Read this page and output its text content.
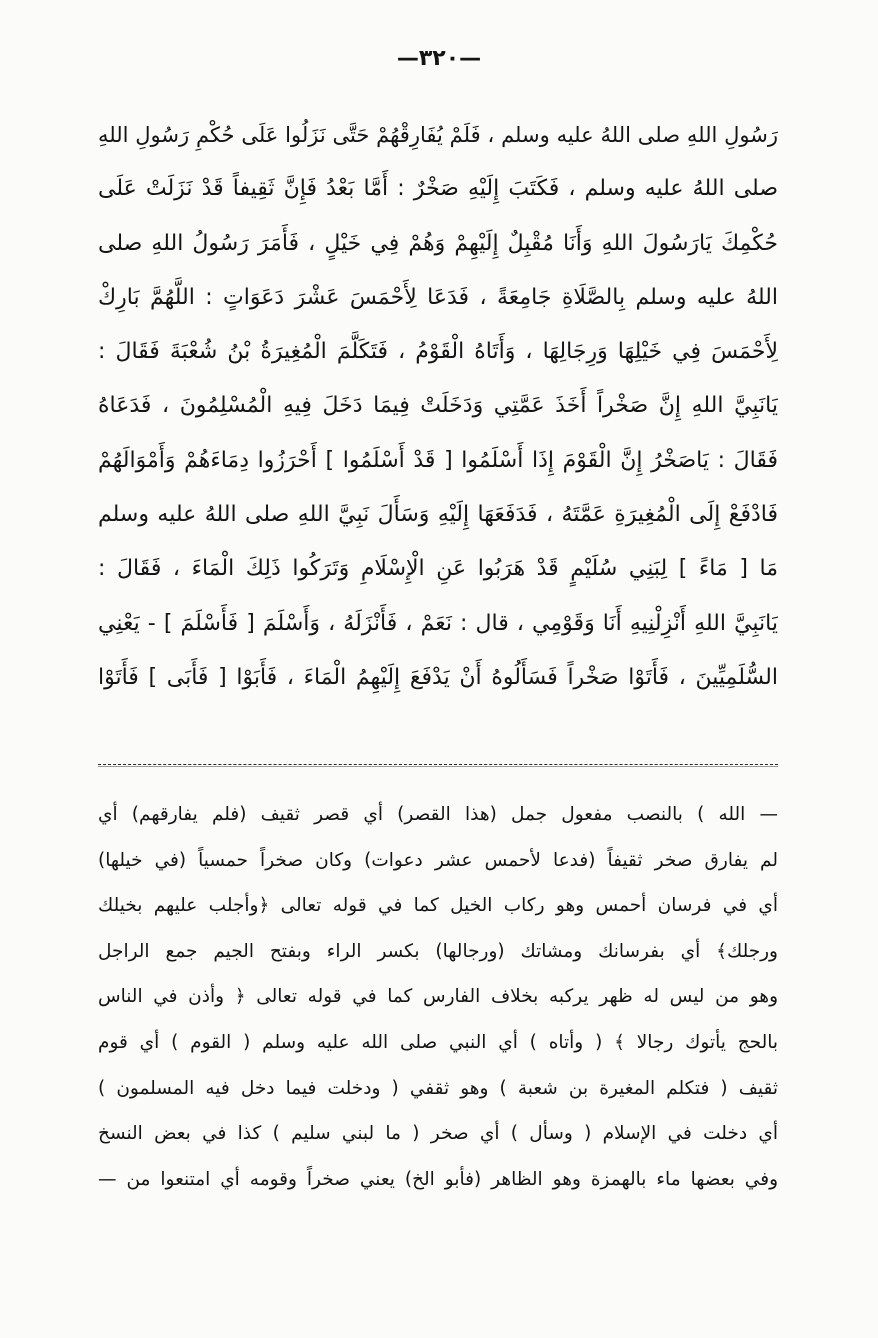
—٣٢٠—
رَسُولِ اللهِ صلى اللهُ عليه وسلم ، فَلَمْ يُفَارِقْهُمْ حَتَّى نَزَلُوا عَلَى حُكْمِ رَسُولِ اللهِ
صلى اللهُ عليه وسلم ، فَكَتَبَ إِلَيْهِ صَخْرٌ : أَمَّا بَعْدُ فَإِنَّ ثَقِيفاً قَدْ نَزَلَتْ عَلَى
حُكْمِكَ يَارَسُولَ اللهِ وَأَنَا مُقْبِلٌ إِلَيْهِمْ وَهُمْ فِي خَيْلٍ ، فَأَمَرَ رَسُولُ اللهِ صلى
اللهُ عليه وسلم بِالصَّلَاةِ جَامِعَةً ، فَدَعَا لِأَحْمَسَ عَشْرَ دَعَوَاتٍ : اللَّهُمَّ بَارِكْ
لِأَحْمَسَ فِي خَيْلِهَا وَرِجَالِهَا ، وَأَتَاهُ الْقَوْمُ ، فَتَكَلَّمَ الْمُغِيرَةُ بْنُ شُعْبَةَ فَقَالَ :
يَانَبِيَّ اللهِ إِنَّ صَخْراً أَخَذَ عَمَّتِي وَدَخَلَتْ فِيمَا دَخَلَ فِيهِ الْمُسْلِمُونَ ، فَدَعَاهُ
فَقَالَ : يَاصَخْرُ إِنَّ الْقَوْمَ إِذَا أَسْلَمُوا [ قَدْ أَسْلَمُوا ] أَحْرَزُوا دِمَاءَهُمْ وَأَمْوَالَهُمْ
فَادْفَعْ إِلَى الْمُغِيرَةِ عَمَّتَهُ ، فَدَفَعَهَا إِلَيْهِ وَسَأَلَ نَبِيَّ اللهِ صلى اللهُ عليه وسلم
مَا [ مَاءً ] لِبَنِي سُلَيْمٍ قَدْ هَرَبُوا عَنِ الْإِسْلَامِ وَتَرَكُوا ذَلِكَ الْمَاءَ ، فَقَالَ :
يَانَبِيَّ اللهِ أَنْزِلْنِيهِ أَنَا وَقَوْمِي ، قال : نَعَمْ ، فَأَنْزَلَهُ ، وَأَسْلَمَ [ فَأَسْلَمَ ] - يَعْنِي
السُّلَمِيِّينَ ، فَأَتَوْا صَخْراً فَسَأَلُوهُ أَنْ يَدْفَعَ إِلَيْهِمُ الْمَاءَ ، فَأَبَوْا [ فَأَبَى ] فَأَتَوْا
— الله ) بالنصب مفعول جمل (هذا القصر) أي قصر ثقيف (فلم يفارقهم) أي
لم يفارق صخر ثقيفاً (فدعا لأحمس عشر دعوات) وكان صخراً حمسياً (في خيلها)
أي في فرسان أحمس وهو ركاب الخيل كما في قوله تعالى ﴿وأجلب عليهم بخيلك
ورجلك﴾ أي بفرسانك ومشاتك (ورجالها) بكسر الراء وبفتح الجيم جمع الراجل
وهو من ليس له ظهر يركبه بخلاف الفارس كما في قوله تعالى ﴿ وأذن في الناس
بالحج يأتوك رجالا ﴾ ( وأتاه ) أي النبي صلى الله عليه وسلم ( القوم ) أي قوم
ثقيف ( فتكلم المغيرة بن شعبة ) وهو ثقفي ( ودخلت فيما دخل فيه المسلمون )
أي دخلت في الإسلام ( وسأل ) أي صخر ( ما لبني سليم ) كذا في بعض النسخ
وفي بعضها ماء بالهمزة وهو الظاهر (فأبو الخ) يعني صخراً وقومه أي امتنعوا من —
